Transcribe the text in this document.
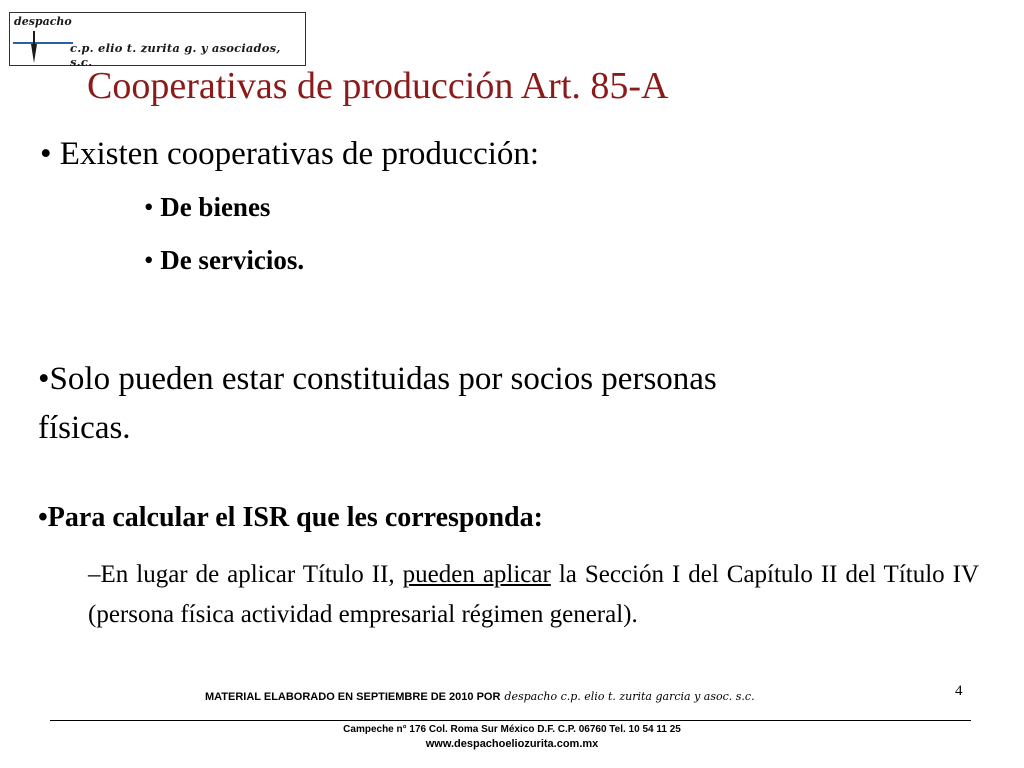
despacho
c.p. elio t. zurita g. y asociados, s.c.
Cooperativas de producción Art. 85-A

• Existen cooperativas de producción:

• De bienes

• De servicios.

•Solo pueden estar constituidas por socios personas

físicas.

•Para calcular el ISR que les corresponda:

–En lugar de aplicar Título II, pueden aplicar la Sección I del Capítulo II del Título IV (persona física actividad empresarial régimen general).

4
MATERIAL ELABORADO EN SEPTIEMBRE DE 2010 POR despacho c.p. elio t. zurita garcia y asoc. s.c.
Campeche n° 176 Col. Roma Sur México D.F. C.P. 06760 Tel. 10 54 11 25
www.despachoeliozurita.com.mx
